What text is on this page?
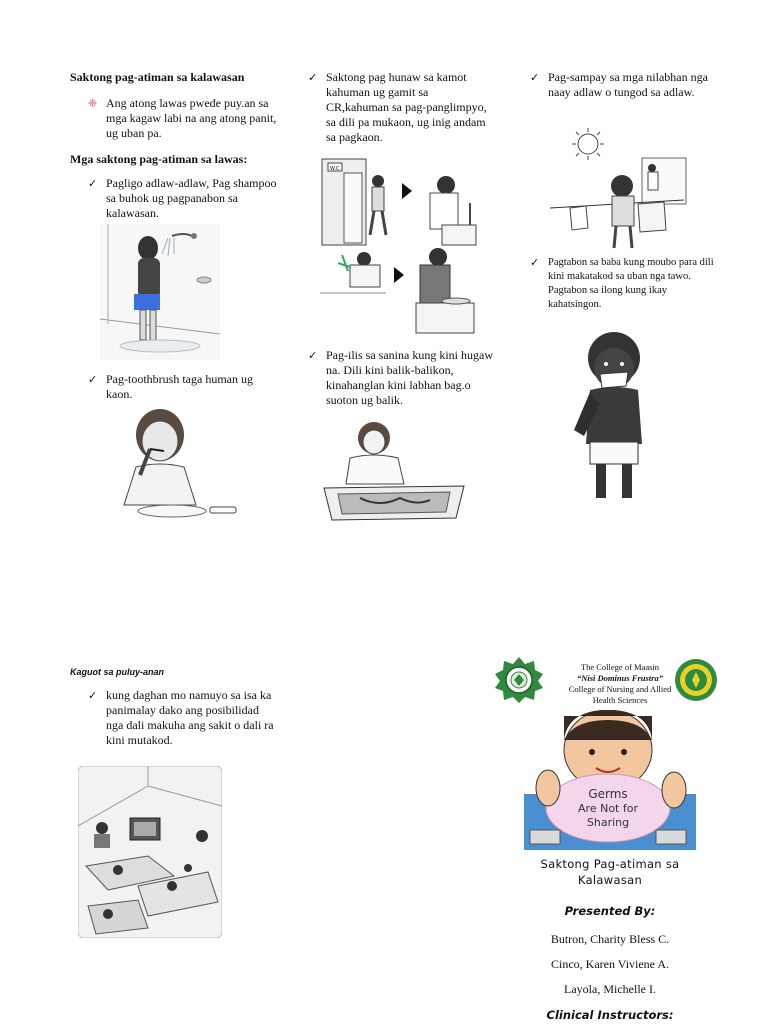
Saktong pag-atiman sa kalawasan
❈ Ang atong lawas pwede puy.an sa mga kagaw labi na ang atong panit, ug uban pa.
Mga saktong pag-atiman sa lawas:
✓ Pagligo adlaw-adlaw, Pag shampoo sa buhok ug pagpanabon sa kalawasan.
✓ Pag-toothbrush taga human ug kaon.
✓ Saktong pag hunaw sa kamot kahuman ug gamit sa CR,kahuman sa pag-panglimpyo, sa dili pa mukaon, ug inig andam sa pagkaon.
W.C
✓ Pag-ilis sa sanina kung kini hugaw na. Dili kini balik-balikon, kinahanglan kini labhan bag.o suoton ug balik.
✓ Pag-sampay sa mga nilabhan nga naay adlaw o tungod sa adlaw.
✓ Pagtabon sa baba kung moubo para dili kini makatakod sa uban nga tawo. Pagtabon sa ilong kung ikay kahatsingon.
Kaguot sa puluy-anan
✓ kung daghan mo namuyo sa isa ka panimalay dako ang posibilidad nga dali makuha ang sakit o dali ra kini mutakod.
The College of Maasin
“Nisi Dominus Frustra”
College of Nursing and Allied
Health Sciences
Germs
Are Not for
Sharing
Saktong Pag-atiman sa
Kalawasan
Presented By:
Butron, Charity Bless C.
Cinco, Karen Viviene A.
Layola, Michelle I.
Clinical Instructors:
